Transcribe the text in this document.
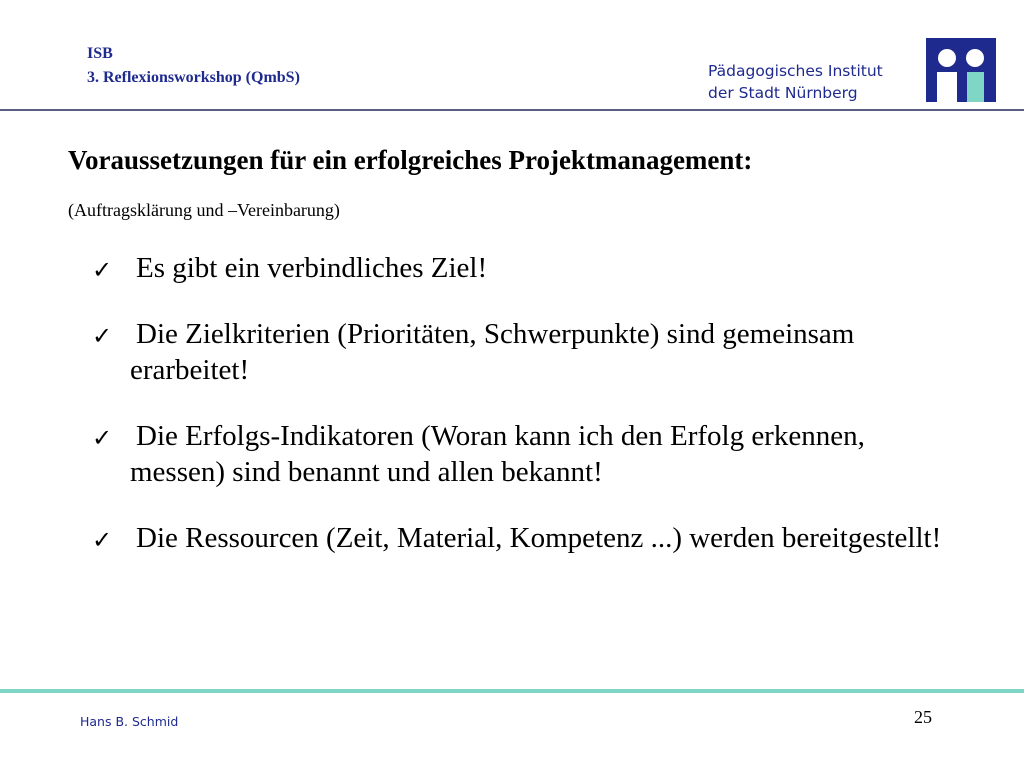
ISB
3. Reflexionsworkshop (QmbS)	Pädagogisches Institut
der Stadt Nürnberg
Voraussetzungen für ein erfolgreiches Projektmanagement:
(Auftragsklärung und –Vereinbarung)
✓ Es gibt ein verbindliches Ziel!
✓ Die Zielkriterien (Prioritäten, Schwerpunkte) sind gemeinsam erarbeitet!
✓ Die Erfolgs-Indikatoren (Woran kann ich den Erfolg erkennen, messen) sind benannt und allen bekannt!
✓ Die Ressourcen (Zeit, Material, Kompetenz ...) werden bereitgestellt!
Hans B. Schmid	25
